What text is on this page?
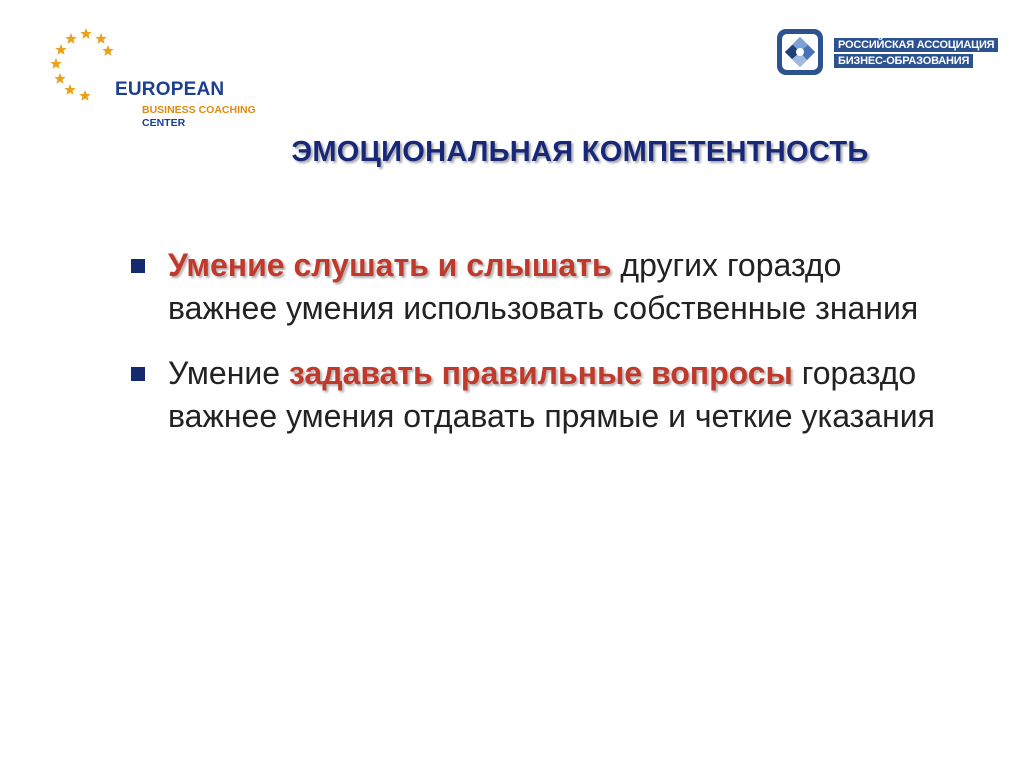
EUROPEAN
BUSINESS COACHING
CENTER
РОССИЙСКАЯ АССОЦИАЦИЯ
БИЗНЕС-ОБРАЗОВАНИЯ
ЭМОЦИОНАЛЬНАЯ КОМПЕТЕНТНОСТЬ
Умение слушать и слышать других гораздо важнее умения использовать собственные знания
Умение задавать правильные вопросы гораздо важнее умения отдавать прямые и четкие указания
